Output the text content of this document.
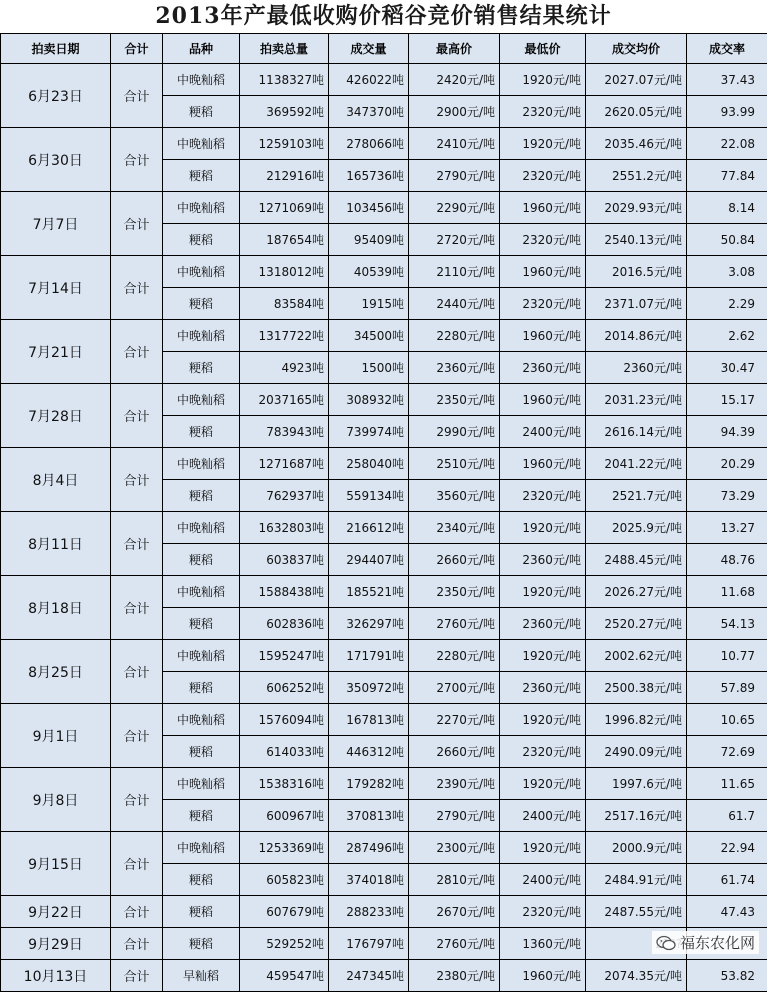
2013年产最低收购价稻谷竞价销售结果统计
拍卖日期	合计	品种	拍卖总量	成交量	最高价	最低价	成交均价	成交率
6月23日	合计	中晚籼稻	1138327吨	426022吨	2420元/吨	1920元/吨	2027.07元/吨	37.43
		粳稻	369592吨	347370吨	2900元/吨	2320元/吨	2620.05元/吨	93.99
6月30日	合计	中晚籼稻	1259103吨	278066吨	2410元/吨	1920元/吨	2035.46元/吨	22.08
		粳稻	212916吨	165736吨	2790元/吨	2320元/吨	2551.2元/吨	77.84
7月7日	合计	中晚籼稻	1271069吨	103456吨	2290元/吨	1960元/吨	2029.93元/吨	8.14
		粳稻	187654吨	95409吨	2720元/吨	2320元/吨	2540.13元/吨	50.84
7月14日	合计	中晚籼稻	1318012吨	40539吨	2110元/吨	1960元/吨	2016.5元/吨	3.08
		粳稻	83584吨	1915吨	2440元/吨	2320元/吨	2371.07元/吨	2.29
7月21日	合计	中晚籼稻	1317722吨	34500吨	2280元/吨	1960元/吨	2014.86元/吨	2.62
		粳稻	4923吨	1500吨	2360元/吨	2360元/吨	2360元/吨	30.47
7月28日	合计	中晚籼稻	2037165吨	308932吨	2350元/吨	1960元/吨	2031.23元/吨	15.17
		粳稻	783943吨	739974吨	2990元/吨	2400元/吨	2616.14元/吨	94.39
8月4日	合计	中晚籼稻	1271687吨	258040吨	2510元/吨	1960元/吨	2041.22元/吨	20.29
		粳稻	762937吨	559134吨	3560元/吨	2320元/吨	2521.7元/吨	73.29
8月11日	合计	中晚籼稻	1632803吨	216612吨	2340元/吨	1920元/吨	2025.9元/吨	13.27
		粳稻	603837吨	294407吨	2660元/吨	2360元/吨	2488.45元/吨	48.76
8月18日	合计	中晚籼稻	1588438吨	185521吨	2350元/吨	1920元/吨	2026.27元/吨	11.68
		粳稻	602836吨	326297吨	2760元/吨	2360元/吨	2520.27元/吨	54.13
8月25日	合计	中晚籼稻	1595247吨	171791吨	2280元/吨	1920元/吨	2002.62元/吨	10.77
		粳稻	606252吨	350972吨	2700元/吨	2360元/吨	2500.38元/吨	57.89
9月1日	合计	中晚籼稻	1576094吨	167813吨	2270元/吨	1920元/吨	1996.82元/吨	10.65
		粳稻	614033吨	446312吨	2660元/吨	2320元/吨	2490.09元/吨	72.69
9月8日	合计	中晚籼稻	1538316吨	179282吨	2390元/吨	1920元/吨	1997.6元/吨	11.65
		粳稻	600967吨	370813吨	2790元/吨	2400元/吨	2517.16元/吨	61.7
9月15日	合计	中晚籼稻	1253369吨	287496吨	2300元/吨	1920元/吨	2000.9元/吨	22.94
		粳稻	605823吨	374018吨	2810元/吨	2400元/吨	2484.91元/吨	61.74
9月22日	合计	粳稻	607679吨	288233吨	2670元/吨	2320元/吨	2487.55元/吨	47.43
9月29日	合计	粳稻	529252吨	176797吨	2760元/吨	1360元/吨		
10月13日	合计	早籼稻	459547吨	247345吨	2380元/吨	1960元/吨	2074.35元/吨	53.82
福东农化网
